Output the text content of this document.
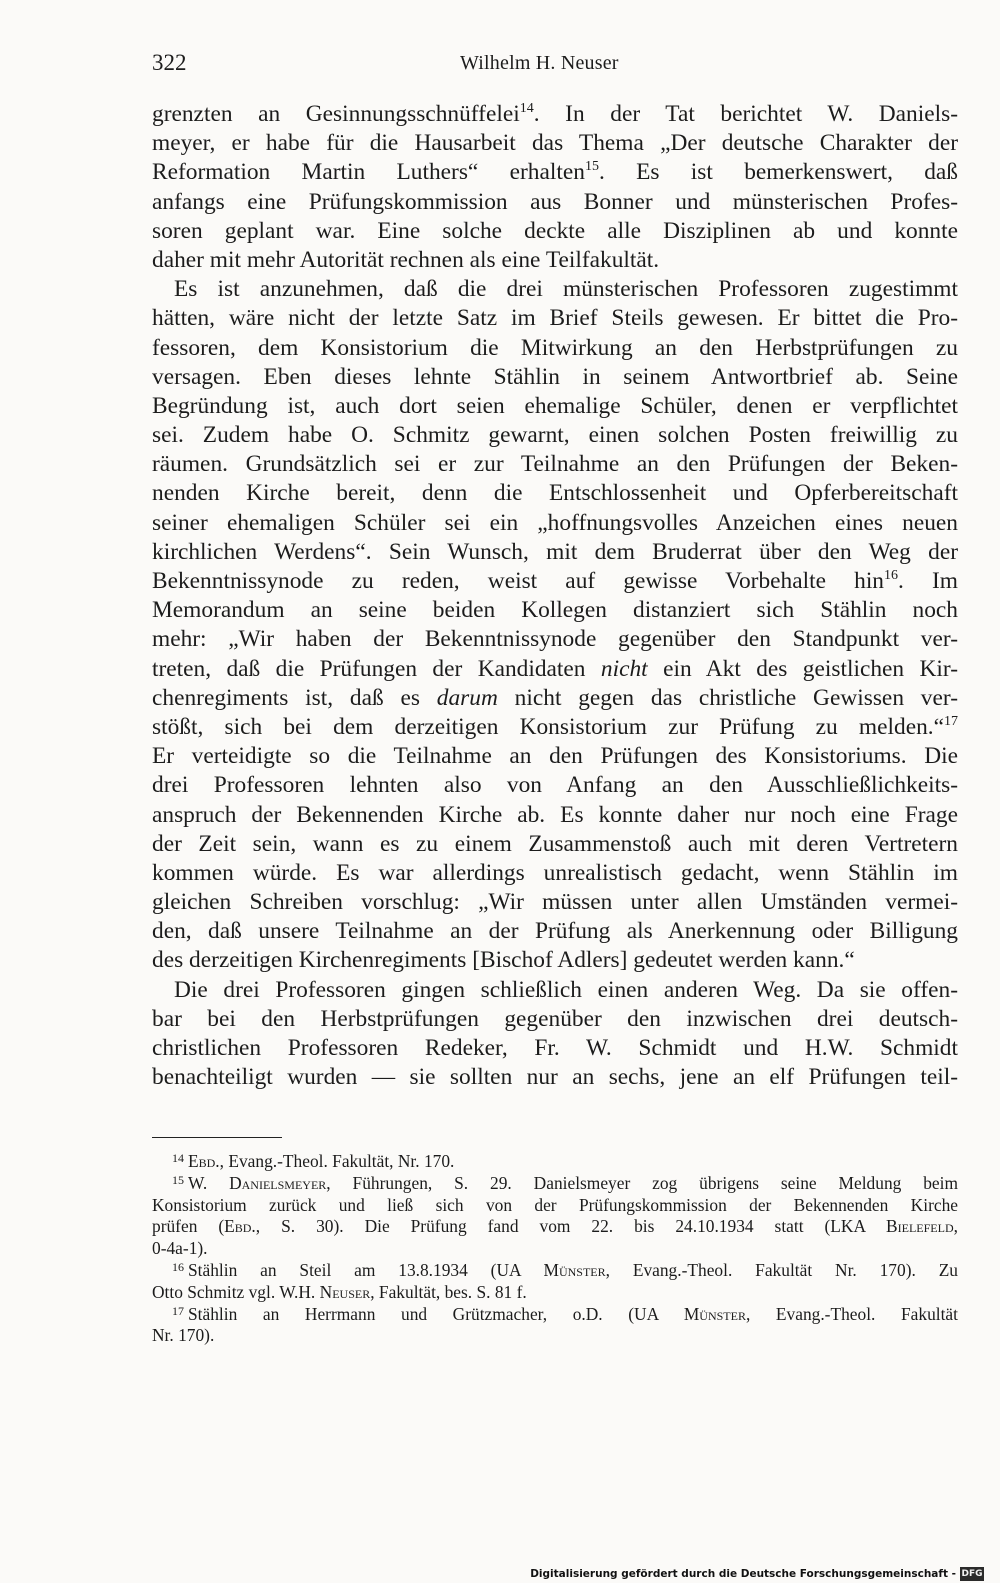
322	Wilhelm H. Neuser
grenzten an Gesinnungsschnüffelei$^{14}$. In der Tat berichtet W. Daniels-
meyer, er habe für die Hausarbeit das Thema „Der deutsche Charakter der
Reformation Martin Luthers“ erhalten$^{15}$. Es ist bemerkenswert, daß
anfangs eine Prüfungskommission aus Bonner und münsterischen Profes-
soren geplant war. Eine solche deckte alle Disziplinen ab und konnte
daher mit mehr Autorität rechnen als eine Teilfakultät.
Es ist anzunehmen, daß die drei münsterischen Professoren zugestimmt
hätten, wäre nicht der letzte Satz im Brief Steils gewesen. Er bittet die Pro-
fessoren, dem Konsistorium die Mitwirkung an den Herbstprüfungen zu
versagen. Eben dieses lehnte Stählin in seinem Antwortbrief ab. Seine
Begründung ist, auch dort seien ehemalige Schüler, denen er verpflichtet
sei. Zudem habe O. Schmitz gewarnt, einen solchen Posten freiwillig zu
räumen. Grundsätzlich sei er zur Teilnahme an den Prüfungen der Beken-
nenden Kirche bereit, denn die Entschlossenheit und Opferbereitschaft
seiner ehemaligen Schüler sei ein „hoffnungsvolles Anzeichen eines neuen
kirchlichen Werdens“. Sein Wunsch, mit dem Bruderrat über den Weg der
Bekenntnissynode zu reden, weist auf gewisse Vorbehalte hin$^{16}$. Im
Memorandum an seine beiden Kollegen distanziert sich Stählin noch
mehr: „Wir haben der Bekenntnissynode gegenüber den Standpunkt ver-
treten, daß die Prüfungen der Kandidaten nicht ein Akt des geistlichen Kir-
chenregiments ist, daß es darum nicht gegen das christliche Gewissen ver-
stößt, sich bei dem derzeitigen Konsistorium zur Prüfung zu melden.“$^{17}$
Er verteidigte so die Teilnahme an den Prüfungen des Konsistoriums. Die
drei Professoren lehnten also von Anfang an den Ausschließlichkeits-
anspruch der Bekennenden Kirche ab. Es konnte daher nur noch eine Frage
der Zeit sein, wann es zu einem Zusammenstoß auch mit deren Vertretern
kommen würde. Es war allerdings unrealistisch gedacht, wenn Stählin im
gleichen Schreiben vorschlug: „Wir müssen unter allen Umständen vermei-
den, daß unsere Teilnahme an der Prüfung als Anerkennung oder Billigung
des derzeitigen Kirchenregiments [Bischof Adlers] gedeutet werden kann.“
Die drei Professoren gingen schließlich einen anderen Weg. Da sie offen-
bar bei den Herbstprüfungen gegenüber den inzwischen drei deutsch-
christlichen Professoren Redeker, Fr. W. Schmidt und H.W. Schmidt
benachteiligt wurden — sie sollten nur an sechs, jene an elf Prüfungen teil-
$^{14}$ Ebd., Evang.-Theol. Fakultät, Nr. 170.
$^{15}$ W. Danielsmeyer, Führungen, S. 29. Danielsmeyer zog übrigens seine Meldung beim
Konsistorium zurück und ließ sich von der Prüfungskommission der Bekennenden Kirche
prüfen (Ebd., S. 30). Die Prüfung fand vom 22. bis 24.10.1934 statt (LKA Bielefeld,
0-4a-1).
$^{16}$ Stählin an Steil am 13.8.1934 (UA Münster, Evang.-Theol. Fakultät Nr. 170). Zu
Otto Schmitz vgl. W.H. Neuser, Fakultät, bes. S. 81 f.
$^{17}$ Stählin an Herrmann und Grützmacher, o.D. (UA Münster, Evang.-Theol. Fakultät
Nr. 170).
Digitalisierung gefördert durch die Deutsche Forschungsgemeinschaft - DFG
